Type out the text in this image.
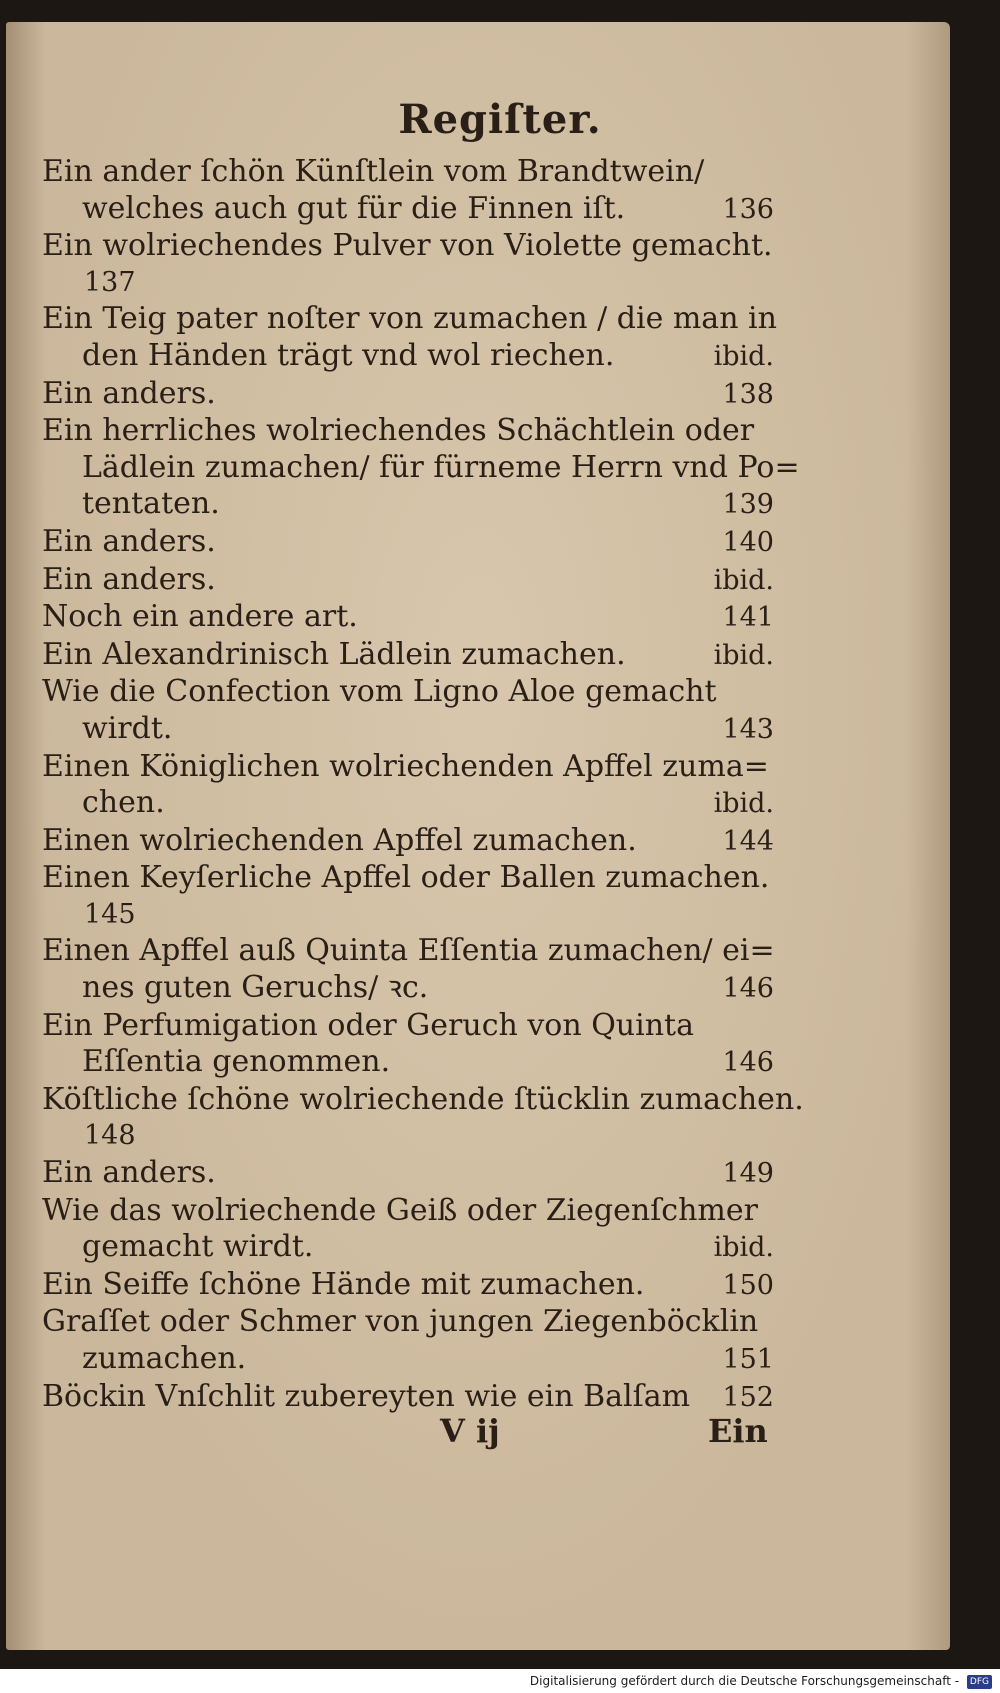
Regiſter.
Ein ander ſchön Künſtlein vom Brandtwein/
welches auch gut für die Finnen iſt.	136
Ein wolriechendes Pulver von Violette gemacht.
137
Ein Teig pater noſter von zumachen / die man in
den Händen trägt vnd wol riechen.	ibid.
Ein anders.	138
Ein herrliches wolriechendes Schächtlein oder
Lädlein zumachen/ für fürneme Herrn vnd Po=
tentaten.	139
Ein anders.	140
Ein anders.	ibid.
Noch ein andere art.	141
Ein Alexandrinisch Lädlein zumachen.	ibid.
Wie die Confection vom Ligno Aloe gemacht
wirdt.	143
Einen Königlichen wolriechenden Apffel zuma=
chen.	ibid.
Einen wolriechenden Apffel zumachen.	144
Einen Keyſerliche Apffel oder Ballen zumachen.
145
Einen Apffel auß Quinta Eſſentia zumachen/ ei=
nes guten Geruchs/ ꝛc.	146
Ein Perfumigation oder Geruch von Quinta
Eſſentia genommen.	146
Köſtliche ſchöne wolriechende ſtücklin zumachen.
148
Ein anders.	149
Wie das wolriechende Geiß oder Ziegenſchmer
gemacht wirdt.	ibid.
Ein Seiffe ſchöne Hände mit zumachen.	150
Graſſet oder Schmer von jungen Ziegenböcklin
zumachen.	151
Böckin Vnſchlit zubereyten wie ein Balſam 152
V ij	Ein
Digitalisierung gefördert durch die Deutsche Forschungsgemeinschaft - DFG
